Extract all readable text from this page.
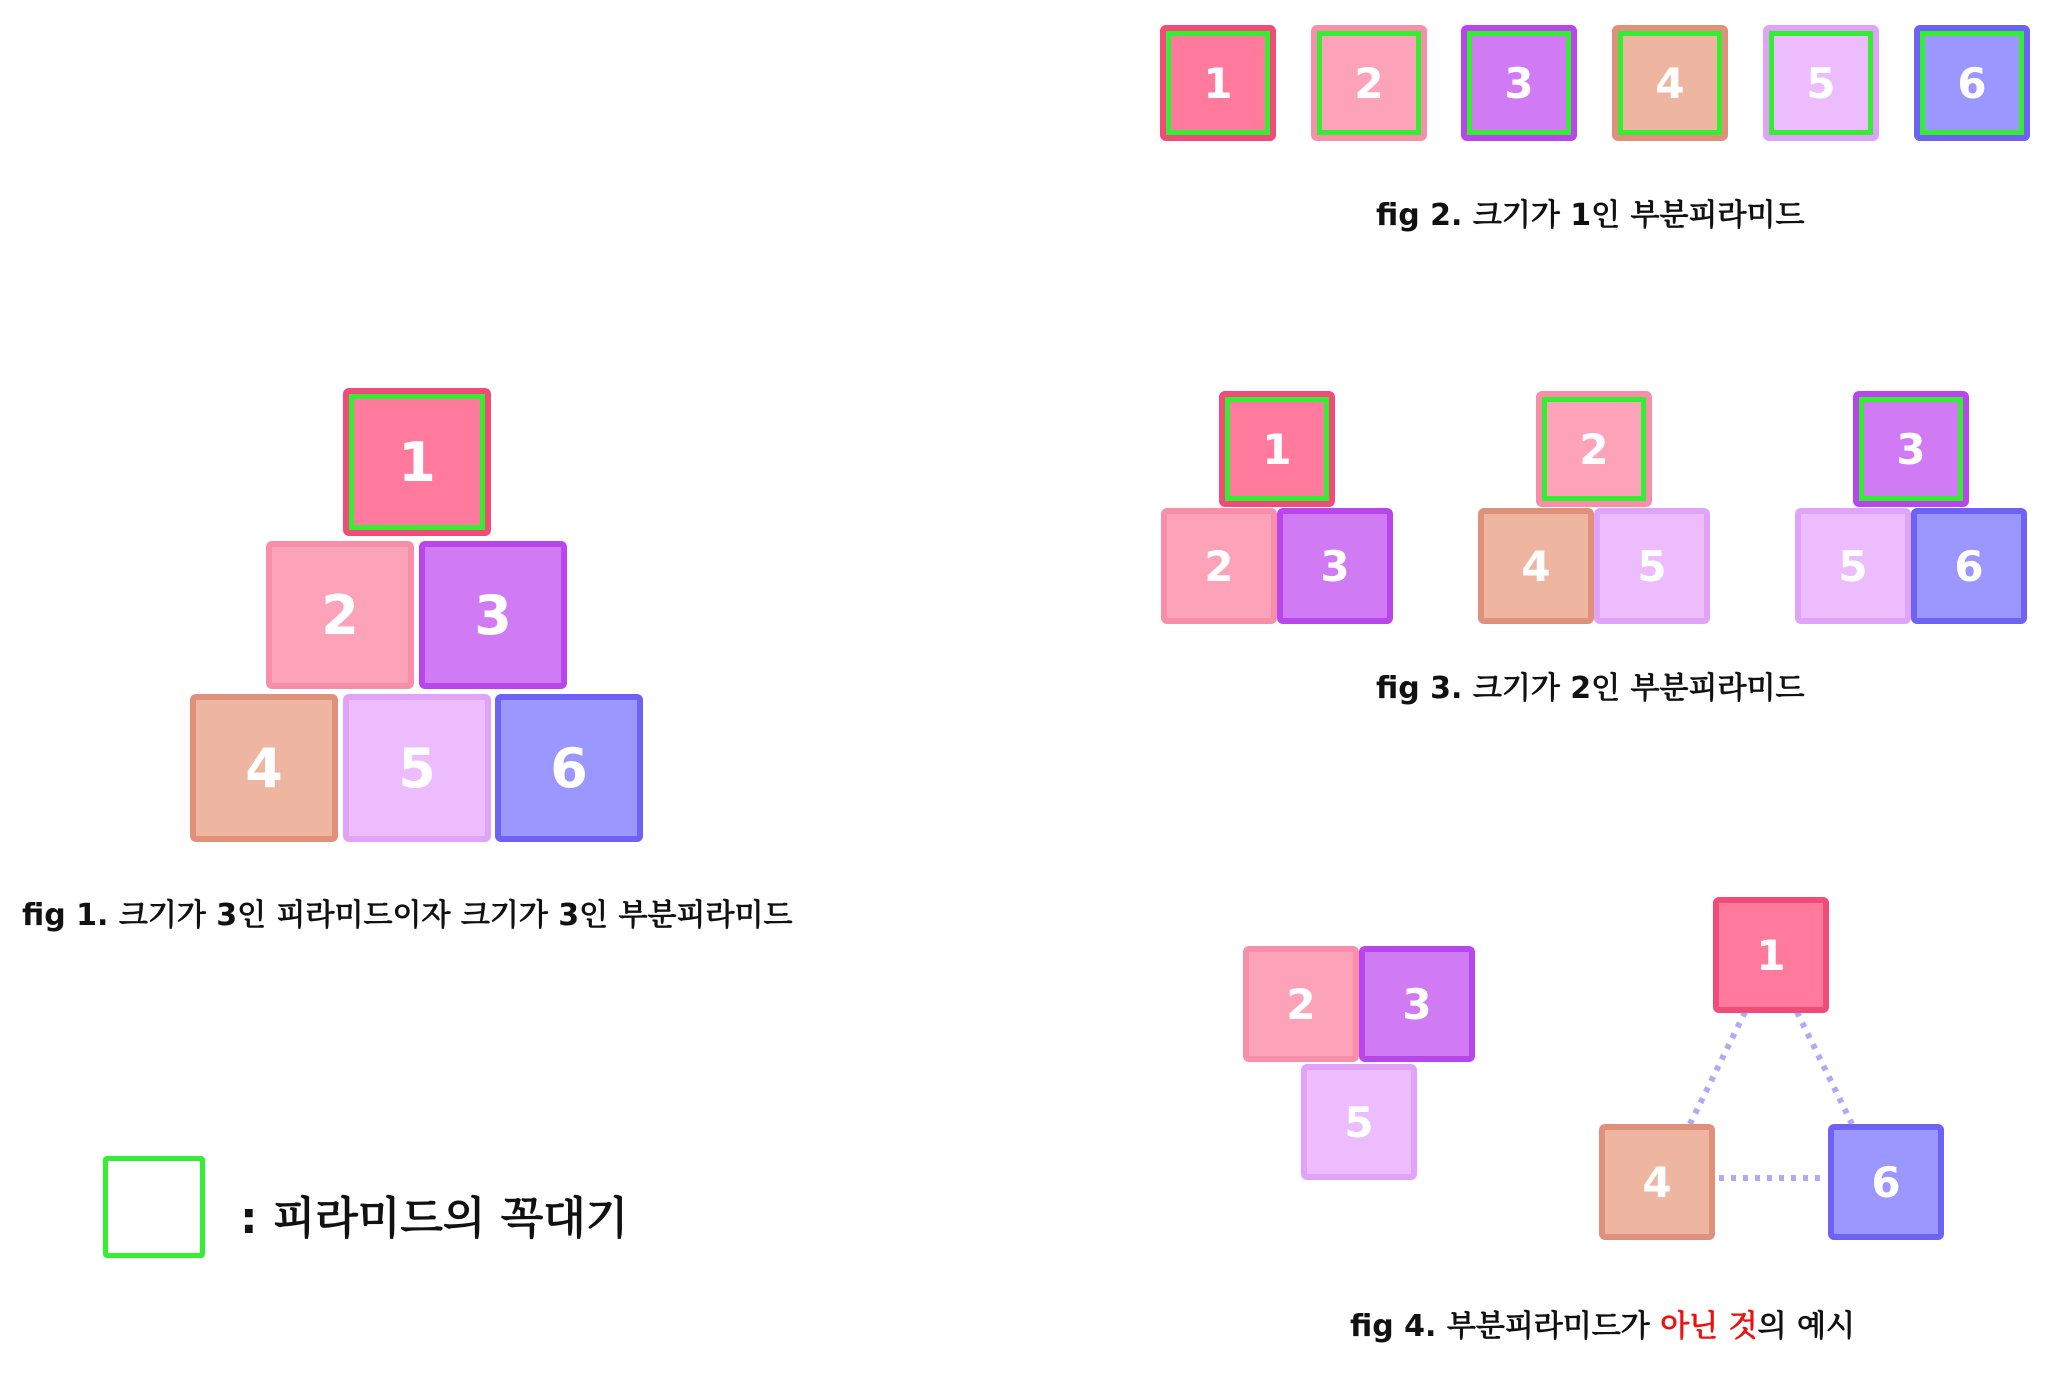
1
2	3
4	5	6
fig 1. 크기가 3인 피라미드이자 크기가 3인 부분피라미드
1	2	3	4	5	6
fig 2. 크기가 1인 부분피라미드
1
2	3
2
4	5
3
5	6
fig 3. 크기가 2인 부분피라미드
2	3
5
1
4	6
fig 4. 부분피라미드가 아닌 것의 예시
: 피라미드의 꼭대기
